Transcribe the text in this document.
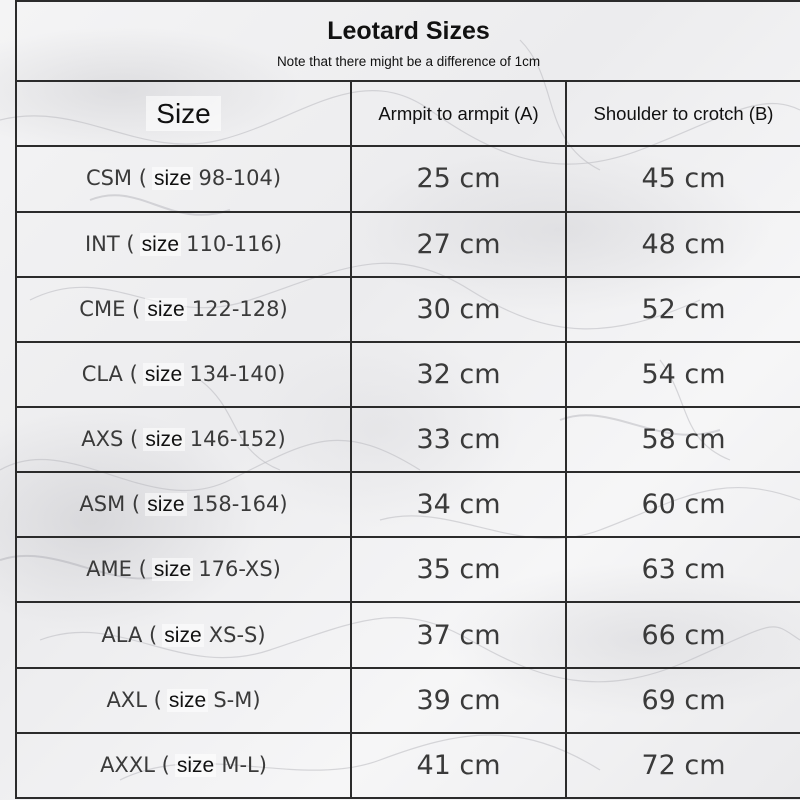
Leotard Sizes
Note that there might be a difference of 1cm		

Size	Armpit to armpit (A)	Shoulder to crotch (B)
CSM ( size 98-104)	25 cm	45 cm
INT ( size 110-116)	27 cm	48 cm
CME ( size 122-128)	30 cm	52 cm
CLA ( size 134-140)	32 cm	54 cm
AXS ( size 146-152)	33 cm	58 cm
ASM ( size 158-164)	34 cm	60 cm
AME ( size 176-XS)	35 cm	63 cm
ALA ( size XS-S)	37 cm	66 cm
AXL ( size S-M)	39 cm	69 cm
AXXL ( size M-L)	41 cm	72 cm
